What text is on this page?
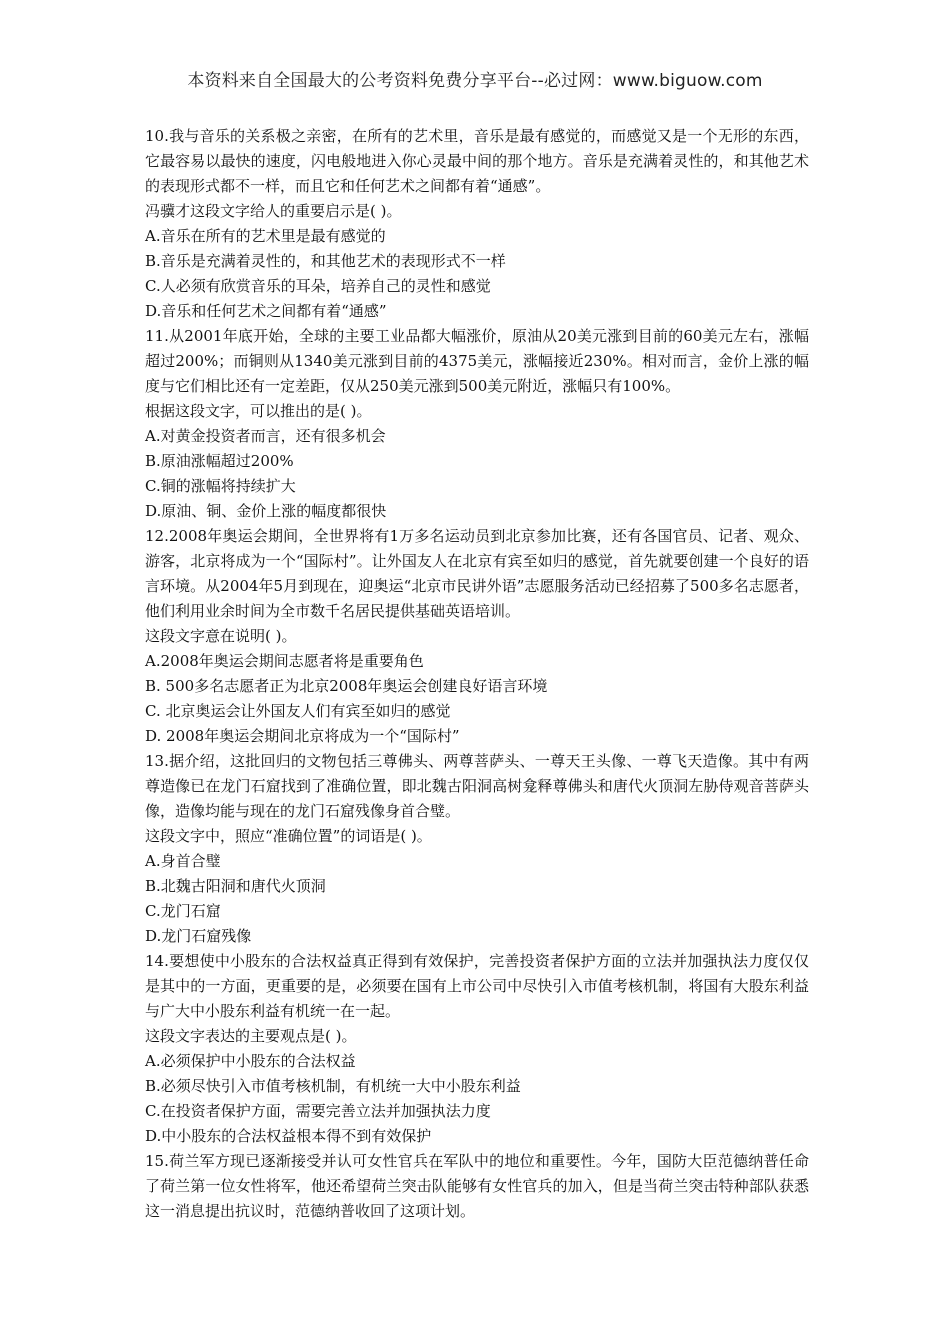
本资料来自全国最大的公考资料免费分享平台--必过网：www.biguow.com

10.我与音乐的关系极之亲密，在所有的艺术里，音乐是最有感觉的，而感觉又是一个无形的东西，它最容易以最快的速度，闪电般地进入你心灵最中间的那个地方。音乐是充满着灵性的，和其他艺术的表现形式都不一样，而且它和任何艺术之间都有着“通感”。

冯骥才这段文字给人的重要启示是( )。

A.音乐在所有的艺术里是最有感觉的

B.音乐是充满着灵性的，和其他艺术的表现形式不一样

C.人必须有欣赏音乐的耳朵，培养自己的灵性和感觉

D.音乐和任何艺术之间都有着“通感”

11.从2001年底开始，全球的主要工业品都大幅涨价，原油从20美元涨到目前的60美元左右，涨幅超过200%；而铜则从1340美元涨到目前的4375美元，涨幅接近230%。相对而言，金价上涨的幅度与它们相比还有一定差距，仅从250美元涨到500美元附近，涨幅只有100%。

根据这段文字，可以推出的是( )。

A.对黄金投资者而言，还有很多机会

B.原油涨幅超过200%

C.铜的涨幅将持续扩大

D.原油、铜、金价上涨的幅度都很快

12.2008年奥运会期间，全世界将有1万多名运动员到北京参加比赛，还有各国官员、记者、观众、游客，北京将成为一个“国际村”。让外国友人在北京有宾至如归的感觉，首先就要创建一个良好的语言环境。从2004年5月到现在，迎奥运“北京市民讲外语”志愿服务活动已经招募了500多名志愿者，他们利用业余时间为全市数千名居民提供基础英语培训。

这段文字意在说明( )。

A.2008年奥运会期间志愿者将是重要角色

B. 500多名志愿者正为北京2008年奥运会创建良好语言环境

C. 北京奥运会让外国友人们有宾至如归的感觉

D. 2008年奥运会期间北京将成为一个“国际村”

13.据介绍，这批回归的文物包括三尊佛头、两尊菩萨头、一尊天王头像、一尊飞天造像。其中有两尊造像已在龙门石窟找到了准确位置，即北魏古阳洞高树龛释尊佛头和唐代火顶洞左胁侍观音菩萨头像，造像均能与现在的龙门石窟残像身首合璧。

这段文字中，照应“准确位置”的词语是( )。

A.身首合璧

B.北魏古阳洞和唐代火顶洞

C.龙门石窟

D.龙门石窟残像

14.要想使中小股东的合法权益真正得到有效保护，完善投资者保护方面的立法并加强执法力度仅仅是其中的一方面，更重要的是，必须要在国有上市公司中尽快引入市值考核机制，将国有大股东利益与广大中小股东利益有机统一在一起。

这段文字表达的主要观点是( )。

A.必须保护中小股东的合法权益

B.必须尽快引入市值考核机制，有机统一大中小股东利益

C.在投资者保护方面，需要完善立法并加强执法力度

D.中小股东的合法权益根本得不到有效保护

15.荷兰军方现已逐渐接受并认可女性官兵在军队中的地位和重要性。今年，国防大臣范德纳普任命了荷兰第一位女性将军，他还希望荷兰突击队能够有女性官兵的加入，但是当荷兰突击特种部队获悉这一消息提出抗议时，范德纳普收回了这项计划。
